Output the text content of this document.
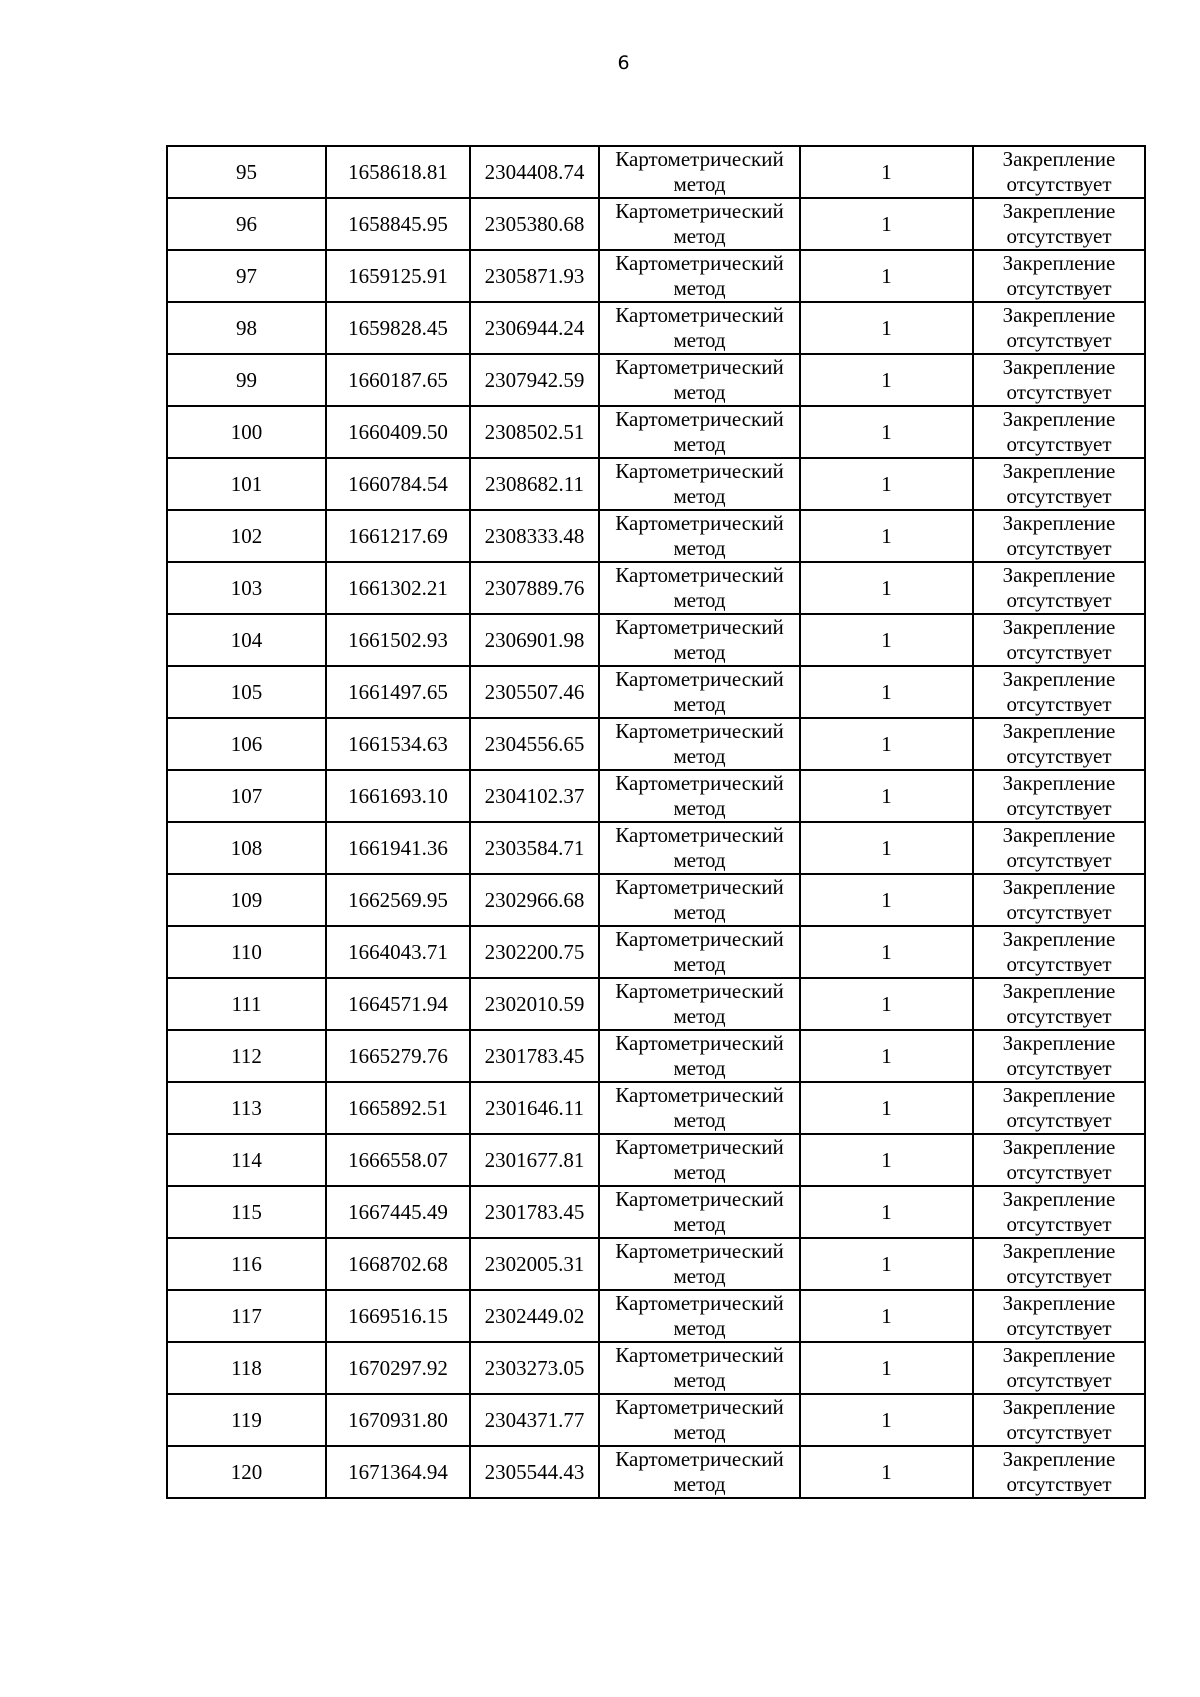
6
95	1658618.81	2304408.74	Картометрический
метод	1	Закрепление
отсутствует

96	1658845.95	2305380.68	Картометрический
метод	1	Закрепление
отсутствует

97	1659125.91	2305871.93	Картометрический
метод	1	Закрепление
отсутствует

98	1659828.45	2306944.24	Картометрический
метод	1	Закрепление
отсутствует

99	1660187.65	2307942.59	Картометрический
метод	1	Закрепление
отсутствует

100	1660409.50	2308502.51	Картометрический
метод	1	Закрепление
отсутствует

101	1660784.54	2308682.11	Картометрический
метод	1	Закрепление
отсутствует

102	1661217.69	2308333.48	Картометрический
метод	1	Закрепление
отсутствует

103	1661302.21	2307889.76	Картометрический
метод	1	Закрепление
отсутствует

104	1661502.93	2306901.98	Картометрический
метод	1	Закрепление
отсутствует

105	1661497.65	2305507.46	Картометрический
метод	1	Закрепление
отсутствует

106	1661534.63	2304556.65	Картометрический
метод	1	Закрепление
отсутствует

107	1661693.10	2304102.37	Картометрический
метод	1	Закрепление
отсутствует

108	1661941.36	2303584.71	Картометрический
метод	1	Закрепление
отсутствует

109	1662569.95	2302966.68	Картометрический
метод	1	Закрепление
отсутствует

110	1664043.71	2302200.75	Картометрический
метод	1	Закрепление
отсутствует

111	1664571.94	2302010.59	Картометрический
метод	1	Закрепление
отсутствует

112	1665279.76	2301783.45	Картометрический
метод	1	Закрепление
отсутствует

113	1665892.51	2301646.11	Картометрический
метод	1	Закрепление
отсутствует

114	1666558.07	2301677.81	Картометрический
метод	1	Закрепление
отсутствует

115	1667445.49	2301783.45	Картометрический
метод	1	Закрепление
отсутствует

116	1668702.68	2302005.31	Картометрический
метод	1	Закрепление
отсутствует

117	1669516.15	2302449.02	Картометрический
метод	1	Закрепление
отсутствует

118	1670297.92	2303273.05	Картометрический
метод	1	Закрепление
отсутствует

119	1670931.80	2304371.77	Картометрический
метод	1	Закрепление
отсутствует

120	1671364.94	2305544.43	Картометрический
метод	1	Закрепление
отсутствует
